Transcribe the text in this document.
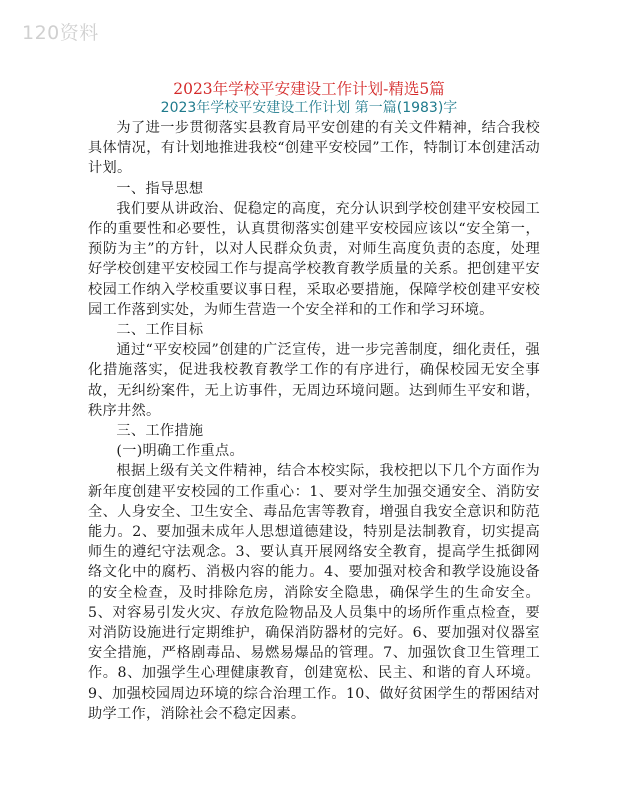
120资料
2023年学校平安建设工作计划-精选5篇
2023年学校平安建设工作计划 第一篇(1983)字

为了进一步贯彻落实县教育局平安创建的有关文件精神，结合我校具体情况，有计划地推进我校“创建平安校园”工作，特制订本创建活动计划。

一、指导思想

我们要从讲政治、促稳定的高度，充分认识到学校创建平安校园工作的重要性和必要性，认真贯彻落实创建平安校园应该以“安全第一，预防为主”的方针，以对人民群众负责，对师生高度负责的态度，处理好学校创建平安校园工作与提高学校教育教学质量的关系。把创建平安校园工作纳入学校重要议事日程，采取必要措施，保障学校创建平安校园工作落到实处，为师生营造一个安全祥和的工作和学习环境。

二、工作目标

通过“平安校园”创建的广泛宣传，进一步完善制度，细化责任，强化措施落实，促进我校教育教学工作的有序进行，确保校园无安全事故，无纠纷案件，无上访事件，无周边环境问题。达到师生平安和谐，秩序井然。

三、工作措施

(一)明确工作重点。

根据上级有关文件精神，结合本校实际，我校把以下几个方面作为新年度创建平安校园的工作重心：1、要对学生加强交通安全、消防安全、人身安全、卫生安全、毒品危害等教育，增强自我安全意识和防范能力。2、要加强未成年人思想道德建设，特别是法制教育，切实提高师生的遵纪守法观念。3、要认真开展网络安全教育，提高学生抵御网络文化中的腐朽、消极内容的能力。4、要加强对校舍和教学设施设备的安全检查，及时排除危房，消除安全隐患，确保学生的生命安全。5、对容易引发火灾、存放危险物品及人员集中的场所作重点检查，要对消防设施进行定期维护，确保消防器材的完好。6、要加强对仪器室安全措施，严格剧毒品、易燃易爆品的管理。7、加强饮食卫生管理工作。8、加强学生心理健康教育，创建宽松、民主、和谐的育人环境。9、加强校园周边环境的综合治理工作。10、做好贫困学生的帮困结对助学工作，消除社会不稳定因素。
